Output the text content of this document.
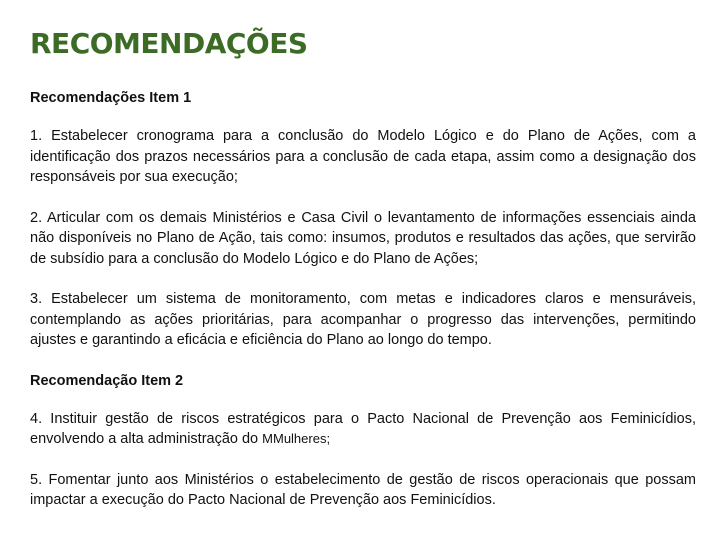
RECOMENDAÇÕES
Recomendações Item 1

1. Estabelecer cronograma para a conclusão do Modelo Lógico e do Plano de Ações, com a identificação dos prazos necessários para a conclusão de cada etapa, assim como a designação dos responsáveis por sua execução;

2. Articular com os demais Ministérios e Casa Civil o levantamento de informações essenciais ainda não disponíveis no Plano de Ação, tais como: insumos, produtos e resultados das ações, que servirão de subsídio para a conclusão do Modelo Lógico e do Plano de Ações;

3. Estabelecer um sistema de monitoramento, com metas e indicadores claros e mensuráveis, contemplando as ações prioritárias, para acompanhar o progresso das intervenções, permitindo ajustes e garantindo a eficácia e eficiência do Plano ao longo do tempo.

Recomendação Item 2

4. Instituir gestão de riscos estratégicos para o Pacto Nacional de Prevenção aos Feminicídios, envolvendo a alta administração do MMulheres;

5. Fomentar junto aos Ministérios o estabelecimento de gestão de riscos operacionais que possam impactar a execução do Pacto Nacional de Prevenção aos Feminicídios.
